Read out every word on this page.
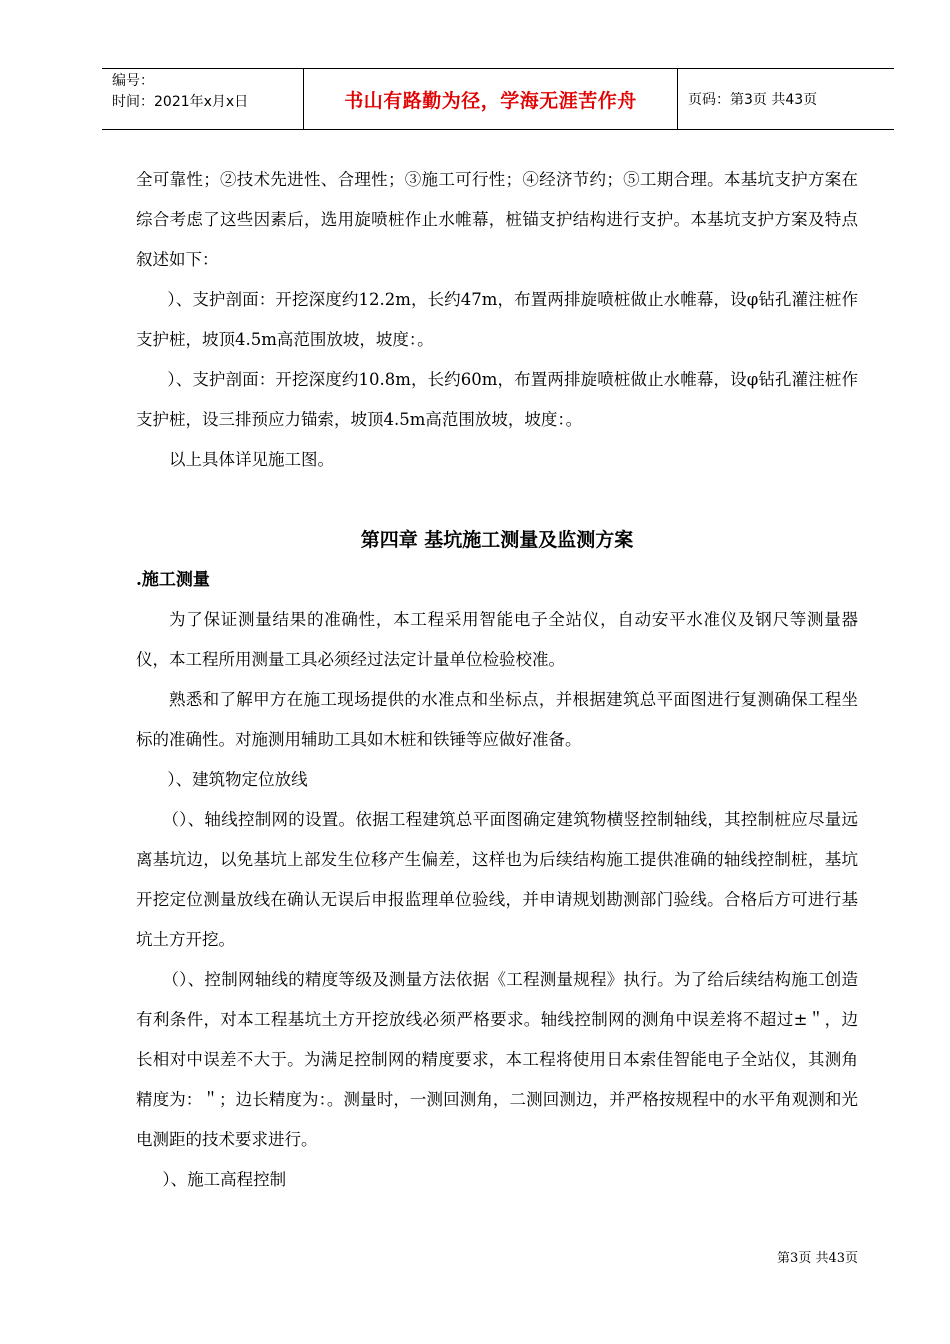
编号：
时间：2021年x月x日	书山有路勤为径，学海无涯苦作舟	页码：第3页 共43页

全可靠性；②技术先进性、合理性；③施工可行性；④经济节约；⑤工期合理。本基坑支护方案在综合考虑了这些因素后，选用旋喷桩作止水帷幕，桩锚支护结构进行支护。本基坑支护方案及特点叙述如下：

）、支护剖面：开挖深度约12.2m，长约47m，布置两排旋喷桩做止水帷幕，设φ钻孔灌注桩作支护桩，坡顶4.5m高范围放坡，坡度：。

）、支护剖面：开挖深度约10.8m，长约60m，布置两排旋喷桩做止水帷幕，设φ钻孔灌注桩作支护桩，设三排预应力锚索，坡顶4.5m高范围放坡，坡度：。

以上具体详见施工图。

第四章 基坑施工测量及监测方案

.施工测量

为了保证测量结果的准确性，本工程采用智能电子全站仪，自动安平水准仪及钢尺等测量器仪，本工程所用测量工具必须经过法定计量单位检验校准。

熟悉和了解甲方在施工现场提供的水准点和坐标点，并根据建筑总平面图进行复测确保工程坐标的准确性。对施测用辅助工具如木桩和铁锤等应做好准备。

）、建筑物定位放线

（）、轴线控制网的设置。依据工程建筑总平面图确定建筑物横竖控制轴线，其控制桩应尽量远离基坑边，以免基坑上部发生位移产生偏差，这样也为后续结构施工提供准确的轴线控制桩，基坑开挖定位测量放线在确认无误后申报监理单位验线，并申请规划勘测部门验线。合格后方可进行基坑土方开挖。

（）、控制网轴线的精度等级及测量方法依据《工程测量规程》执行。为了给后续结构施工创造有利条件，对本工程基坑土方开挖放线必须严格要求。轴线控制网的测角中误差将不超过±＂，边长相对中误差不大于。为满足控制网的精度要求，本工程将使用日本索佳智能电子全站仪，其测角精度为：＂；边长精度为：。测量时，一测回测角，二测回测边，并严格按规程中的水平角观测和光电测距的技术要求进行。

）、施工高程控制

第3页 共43页
